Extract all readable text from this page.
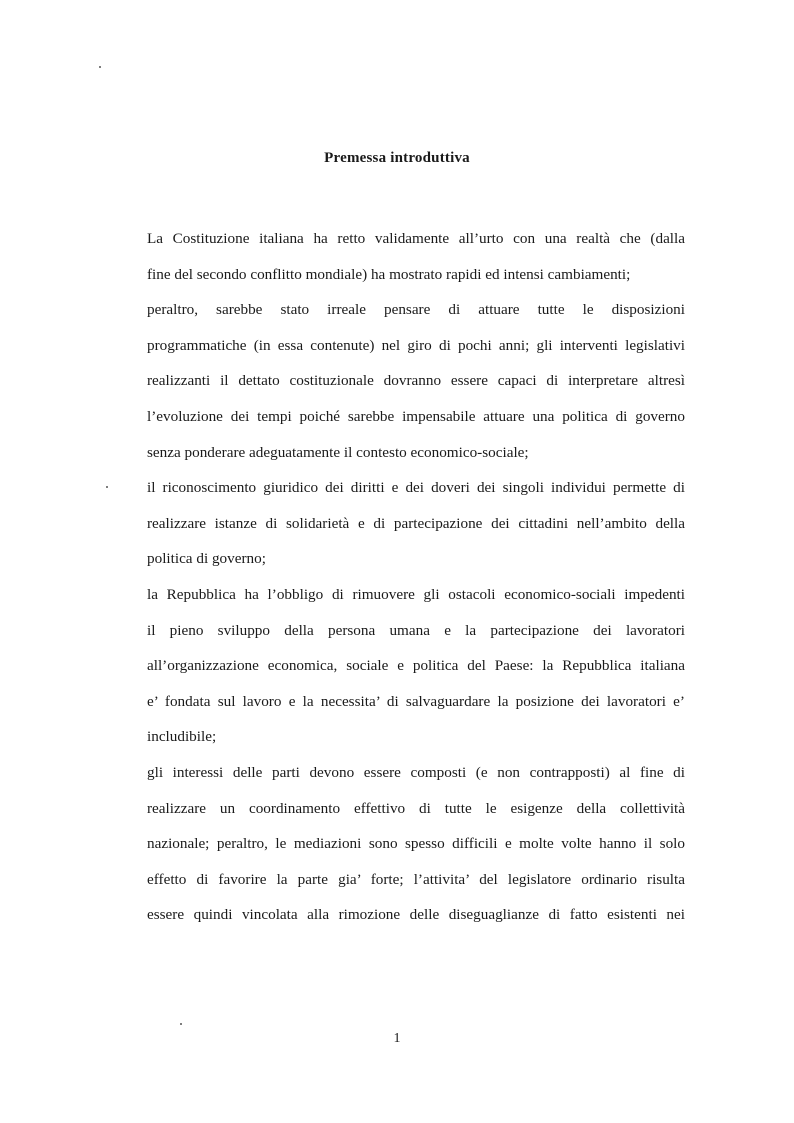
Premessa introduttiva
La Costituzione italiana ha retto validamente all’urto con una realtà che (dalla
fine del secondo conflitto mondiale) ha mostrato rapidi ed intensi cambiamenti;
peraltro, sarebbe stato irreale pensare di attuare tutte le disposizioni
programmatiche (in essa contenute) nel giro di pochi anni; gli interventi legislativi
realizzanti il dettato costituzionale dovranno essere capaci di interpretare altresì
l’evoluzione dei tempi poiché sarebbe impensabile attuare una politica di governo
senza ponderare adeguatamente il contesto economico-sociale;
il riconoscimento giuridico dei diritti e dei doveri dei singoli individui permette di
realizzare istanze di solidarietà e di partecipazione dei cittadini nell’ambito della
politica di governo;
la Repubblica ha l’obbligo di rimuovere gli ostacoli economico-sociali impedenti
il pieno sviluppo della persona umana e la partecipazione dei lavoratori
all’organizzazione economica, sociale e politica del Paese: la Repubblica italiana
e’ fondata sul lavoro e la necessita’ di salvaguardare la posizione dei lavoratori e’
includibile;
gli interessi delle parti devono essere composti (e non contrapposti) al fine di
realizzare un coordinamento effettivo di tutte le esigenze della collettività
nazionale; peraltro, le mediazioni sono spesso difficili e molte volte hanno il solo
effetto di favorire la parte gia’ forte; l’attivita’ del legislatore ordinario risulta
essere quindi vincolata alla rimozione delle diseguaglianze di fatto esistenti nei
1
